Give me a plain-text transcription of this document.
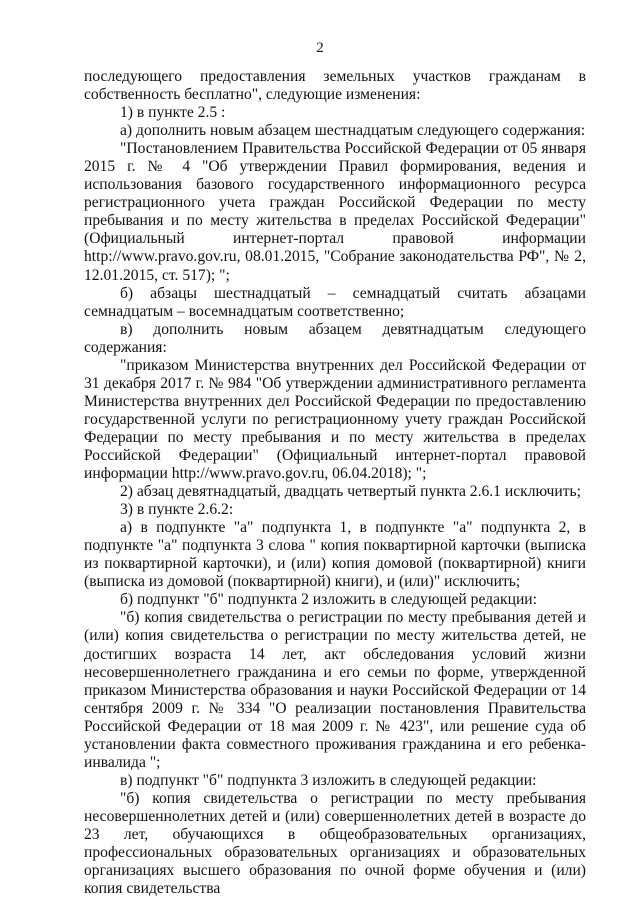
2

последующего предоставления земельных участков гражданам в собственность бесплатно", следующие изменения:

1) в пункте 2.5 :

а) дополнить новым абзацем шестнадцатым следующего содержания:

"Постановлением Правительства Российской Федерации от 05 января 2015 г. № 4 "Об утверждении Правил формирования, ведения и использования базового государственного информационного ресурса регистрационного учета граждан Российской Федерации по месту пребывания и по месту жительства в пределах Российской Федерации" (Официальный интернет-портал правовой информации http://www.pravo.gov.ru, 08.01.2015, "Собрание законодательства РФ", № 2, 12.01.2015, ст. 517); ";

б) абзацы шестнадцатый – семнадцатый считать абзацами семнадцатым – восемнадцатым соответственно;

в) дополнить новым абзацем девятнадцатым следующего содержания:

"приказом Министерства внутренних дел Российской Федерации от 31 декабря 2017 г. № 984 "Об утверждении административного регламента Министерства внутренних дел Российской Федерации по предоставлению государственной услуги по регистрационному учету граждан Российской Федерации по месту пребывания и по месту жительства в пределах Российской Федерации" (Официальный интернет-портал правовой информации http://www.pravo.gov.ru, 06.04.2018); ";

2) абзац девятнадцатый, двадцать четвертый пункта 2.6.1 исключить;

3) в пункте 2.6.2:

а) в подпункте "а" подпункта 1, в подпункте "а" подпункта 2, в подпункте "а" подпункта 3 слова " копия поквартирной карточки (выписка из поквартирной карточки), и (или) копия домовой (поквартирной) книги (выписка из домовой (поквартирной) книги), и (или)" исключить;

б) подпункт "б" подпункта 2 изложить в следующей редакции:

"б) копия свидетельства о регистрации по месту пребывания детей и (или) копия свидетельства о регистрации по месту жительства детей, не достигших возраста 14 лет, акт обследования условий жизни несовершеннолетнего гражданина и его семьи по форме, утвержденной приказом Министерства образования и науки Российской Федерации от 14 сентября 2009 г. № 334 "О реализации постановления Правительства Российской Федерации от 18 мая 2009 г. № 423", или решение суда об установлении факта совместного проживания гражданина и его ребенка-инвалида ";

в) подпункт "б" подпункта 3 изложить в следующей редакции:

"б) копия свидетельства о регистрации по месту пребывания несовершеннолетних детей и (или) совершеннолетних детей в возрасте до 23 лет, обучающихся в общеобразовательных организациях, профессиональных образовательных организациях и образовательных организациях высшего образования по очной форме обучения и (или) копия свидетельства
